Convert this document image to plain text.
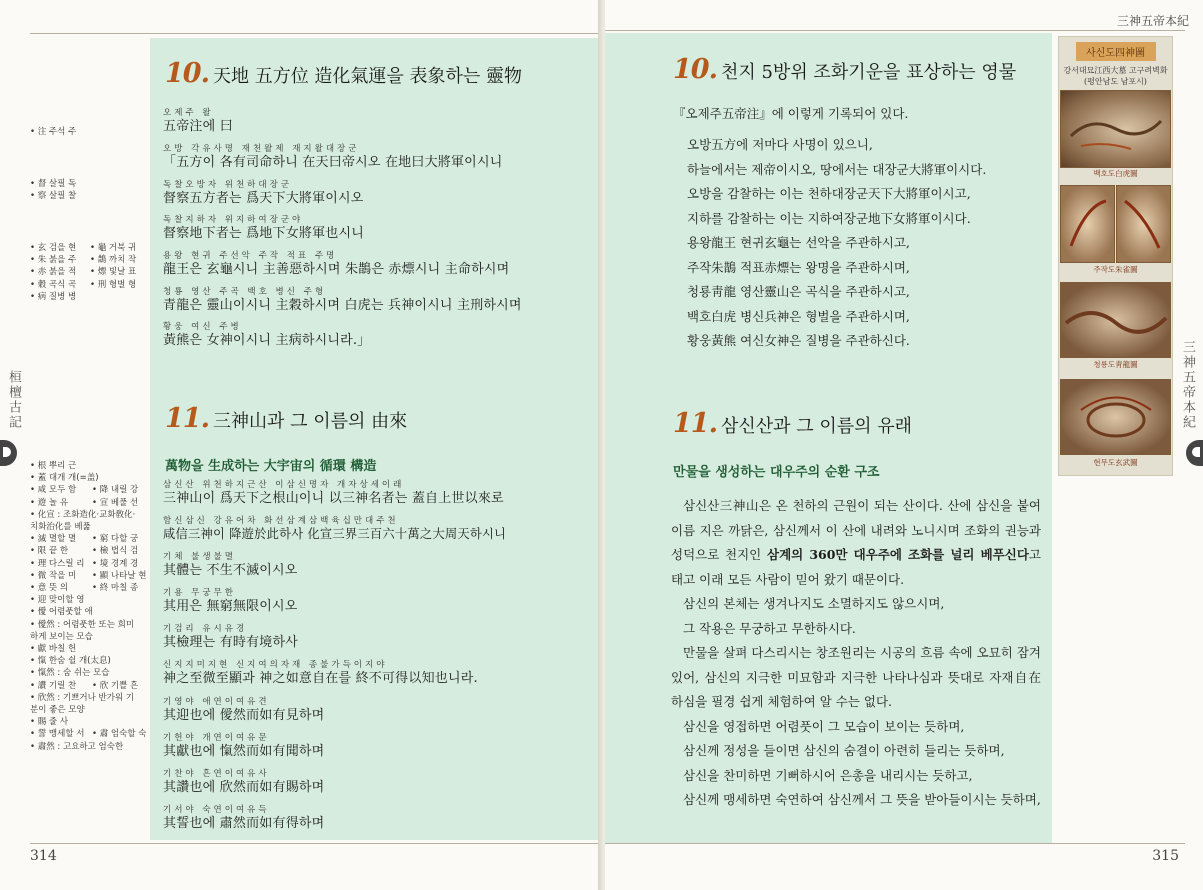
10. 天地 五方位 造化氣運을 表象하는 靈物
오제주 왈
五帝注에 曰
오방 각유사명 재천왈제 재지왈대장군
「五方이 各有司命하니 在天曰帝시오 在地曰大將軍이시니
독찰오방자 위천하대장군
督察五方者는 爲天下大將軍이시오
독찰지하자 위지하여장군야
督察地下者는 爲地下女將軍也시니
용왕 현귀 주선악 주작 적표 주명
龍王은 玄龜시니 主善惡하시며 朱鵲은 赤熛시니 主命하시며
청룡 영산 주곡 백호 병신 주형
青龍은 靈山이시니 主穀하시며 白虎는 兵神이시니 主刑하시며
황웅 여신 주병
黃熊은 女神이시니 主病하시니라.」
• 注 주석 주
• 督 살필 독
• 察 살필 찰
• 玄 검을 현	• 龜 거북 귀
• 朱 붉을 주	• 鵲 까치 작
• 赤 붉을 적	• 熛 빛날 표
• 穀 곡식 곡	• 刑 형벌 형
• 病 질병 병
11. 三神山과 그 이름의 由來
萬物을 生成하는 大宇宙의 循環 構造
삼신산 위천하지근산 이삼신명자 개자상세이래
三神山이 爲天下之根山이니 以三神名者는 蓋自上世以來로
함신삼신 강유어차 화선삼계삼백육십만대주천
咸信三神이 降遊於此하사 化宣三界三百六十萬之大周天하시니
기체 불생불멸
其體는 不生不滅이시오
기용 무궁무한
其用은 無窮無限이시오
기검리 유시유경
其檢理는 有時有境하사
신지지미지현 신지여의자재 종불가득이지야
神之至微至顯과 神之如意自在를 終不可得以知也니라.
기영야 애연이여유견
其迎也에 僾然而如有見하며
기헌야 개연이여유문
其獻也에 愾然而如有聞하며
기찬야 흔연이여유사
其讚也에 欣然而如有賜하며
기서야 숙연이여유득
其誓也에 肅然而如有得하며
• 根 뿌리 근
• 蓋 대개 개(=盖)
• 咸 모두 함	• 降 내릴 강
• 遊 놀 유	• 宣 베풀 선
• 化宣 : 조화造化·교화敎化·치화治化를 베풂
• 滅 멸할 멸	• 窮 다할 궁
• 限 끝 한	• 檢 법식 검
• 理 다스릴 리 • 境 경계 경
• 微 작을 미	• 顯 나타날 현
• 意 뜻 의	• 終 마칠 종
• 迎 맞이할 영
• 僾 어렴풋할 애
• 僾然 : 어렴풋한 또는 희미하게 보이는 모습
• 獻 바칠 헌
• 愾 한숨 쉴 개(太息)
• 愾然 : 숨 쉬는 모습
• 讚 기릴 찬	• 欣 기쁠 흔
• 欣然 : 기쁘거나 반가워 기분이 좋은 모양
• 賜 줄 사
• 誓 맹세할 서 • 肅 엄숙할 숙
• 肅然 : 고요하고 엄숙한
桓檀古記
314
三神五帝本紀
10. 천지 5방위 조화기운을 표상하는 영물
『오제주五帝注』에 이렇게 기록되어 있다.
오방五方에 저마다 사명이 있으니,
하늘에서는 제帝이시오, 땅에서는 대장군大將軍이시다.
오방을 감찰하는 이는 천하대장군天下大將軍이시고,
지하를 감찰하는 이는 지하여장군地下女將軍이시다.
용왕龍王 현귀玄龜는 선악을 주관하시고,
주작朱鵲 적표赤熛는 왕명을 주관하시며,
청룡靑龍 영산靈山은 곡식을 주관하시고,
백호白虎 병신兵神은 형벌을 주관하시며,
황웅黃熊 여신女神은 질병을 주관하신다.
11. 삼신산과 그 이름의 유래
만물을 생성하는 대우주의 순환 구조

삼신산三神山은 온 천하의 근원이 되는 산이다. 산에 삼신을 붙여 이름 지은 까닭은, 삼신께서 이 산에 내려와 노니시며 조화의 권능과 성덕으로 천지인 삼계의 360만 대우주에 조화를 널리 베푸신다고 태고 이래 모든 사람이 믿어 왔기 때문이다.

삼신의 본체는 생겨나지도 소멸하지도 않으시며,

그 작용은 무궁하고 무한하시다.

만물을 살펴 다스리시는 창조원리는 시공의 흐름 속에 오묘히 잠겨 있어, 삼신의 지극한 미묘함과 지극한 나타나심과 뜻대로 자재自在하심을 필경 쉽게 체험하여 알 수는 없다.

삼신을 영접하면 어렴풋이 그 모습이 보이는 듯하며,

삼신께 정성을 들이면 삼신의 숨결이 아련히 들리는 듯하며,

삼신을 찬미하면 기뻐하시어 은총을 내리시는 듯하고,

삼신께 맹세하면 숙연하여 삼신께서 그 뜻을 받아들이시는 듯하며,

315
사신도四神圖
강서대묘江西大墓 고구려벽화
(평안남도 남포시)
백호도白虎圖
주작도朱雀圖
청룡도靑龍圖
현무도玄武圖
三神五帝本紀
